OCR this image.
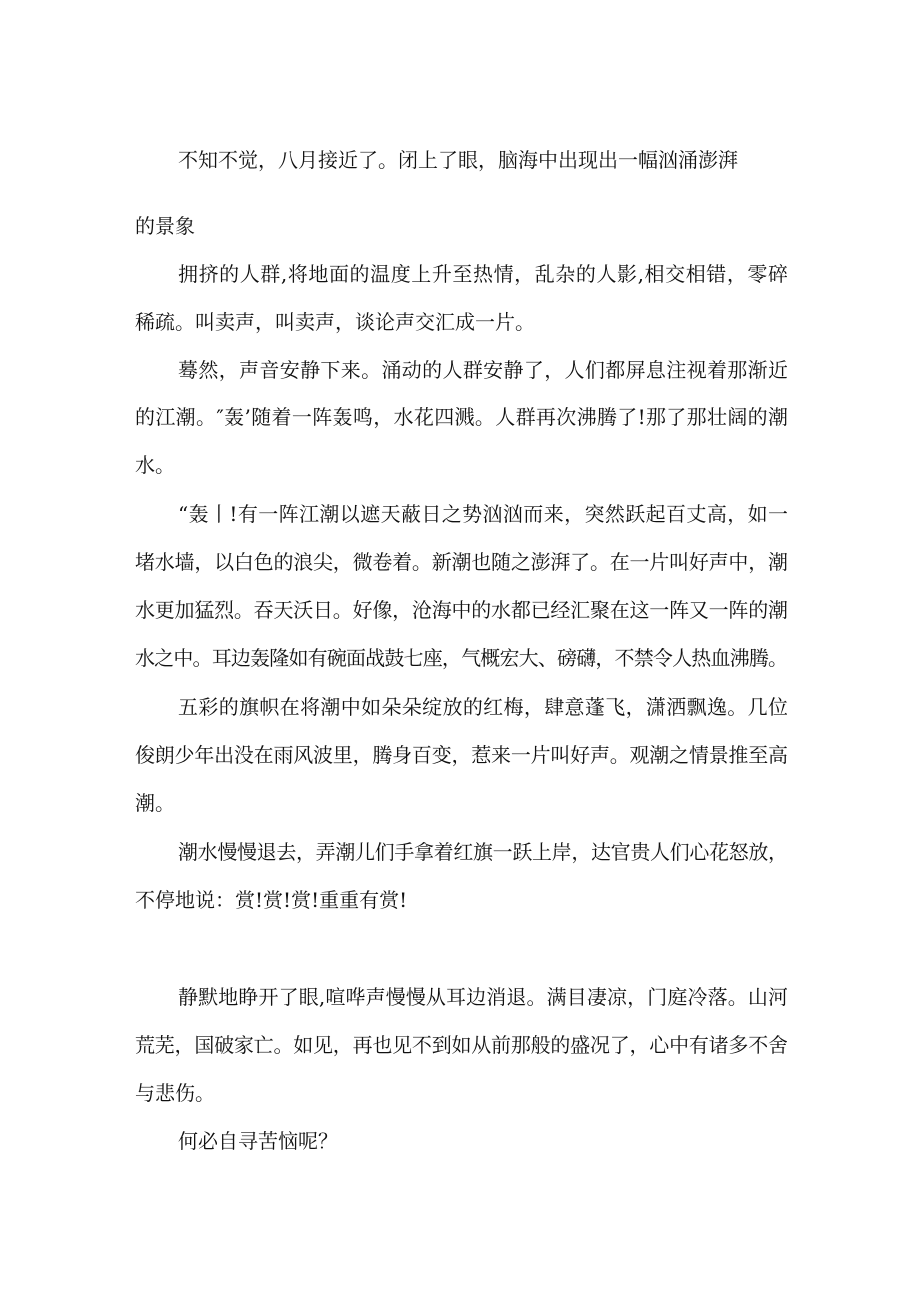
不知不觉，八月接近了。闭上了眼，脑海中出现出一幅汹涌澎湃
的景象
拥挤的人群,将地面的温度上升至热情，乱杂的人影,相交相错，零碎
稀疏。叫卖声，叫卖声，谈论声交汇成一片。
蓦然，声音安静下来。涌动的人群安静了，人们都屏息注视着那渐近
的江潮。″轰’随着一阵轰鸣，水花四溅。人群再次沸腾了!那了那壮阔的潮
水。
“轰丨!有一阵江潮以遮天蔽日之势汹汹而来，突然跃起百丈高，如一
堵水墙，以白色的浪尖，微卷着。新潮也随之澎湃了。在一片叫好声中，潮
水更加猛烈。吞天沃日。好像，沧海中的水都已经汇聚在这一阵又一阵的潮
水之中。耳边轰隆如有碗面战鼓七座，气概宏大、磅礴，不禁令人热血沸腾。
五彩的旗帜在将潮中如朵朵绽放的红梅，肆意蓬飞，潇洒飘逸。几位
俊朗少年出没在雨风波里，腾身百变，惹来一片叫好声。观潮之情景推至高
潮。
潮水慢慢退去，弄潮儿们手拿着红旗一跃上岸，达官贵人们心花怒放，
不停地说：赏!赏!赏!重重有赏!
静默地睁开了眼,喧哗声慢慢从耳边消退。满目凄凉，门庭冷落。山河
荒芜，国破家亡。如见，再也见不到如从前那般的盛况了，心中有诸多不舍
与悲伤。
何必自寻苦恼呢？
